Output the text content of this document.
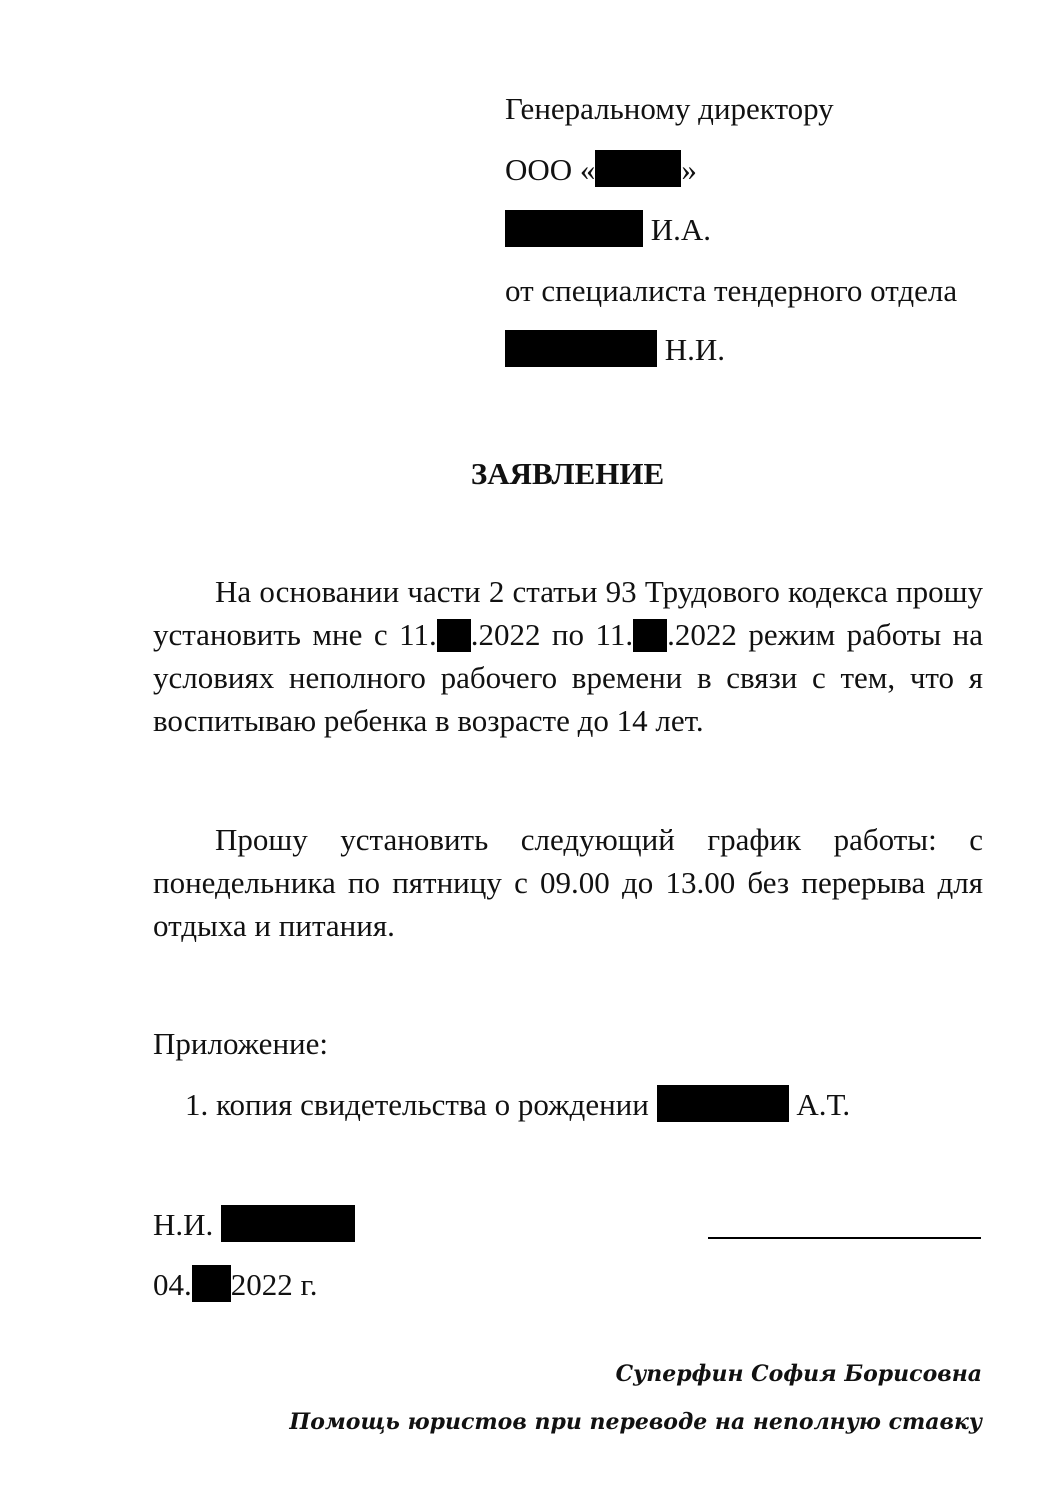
Генеральному директору
ООО «	»
И.А.
от специалиста тендерного отдела
Н.И.
ЗАЯВЛЕНИЕ
На основании части 2 статьи 93 Трудового кодекса прошу установить мне с 11. .2022 по 11. .2022 режим работы на условиях неполного рабочего времени в связи с тем, что я воспитываю ребенка в возрасте до 14 лет.
Прошу установить следующий график работы: с понедельника по пятницу с 09.00 до 13.00 без перерыва для отдыха и питания.
Приложение:
1. копия свидетельства о рождении	А.Т.
Н.И.
04. 2022 г.
Суперфин София Борисовна
Помощь юристов при переводе на неполную ставку
